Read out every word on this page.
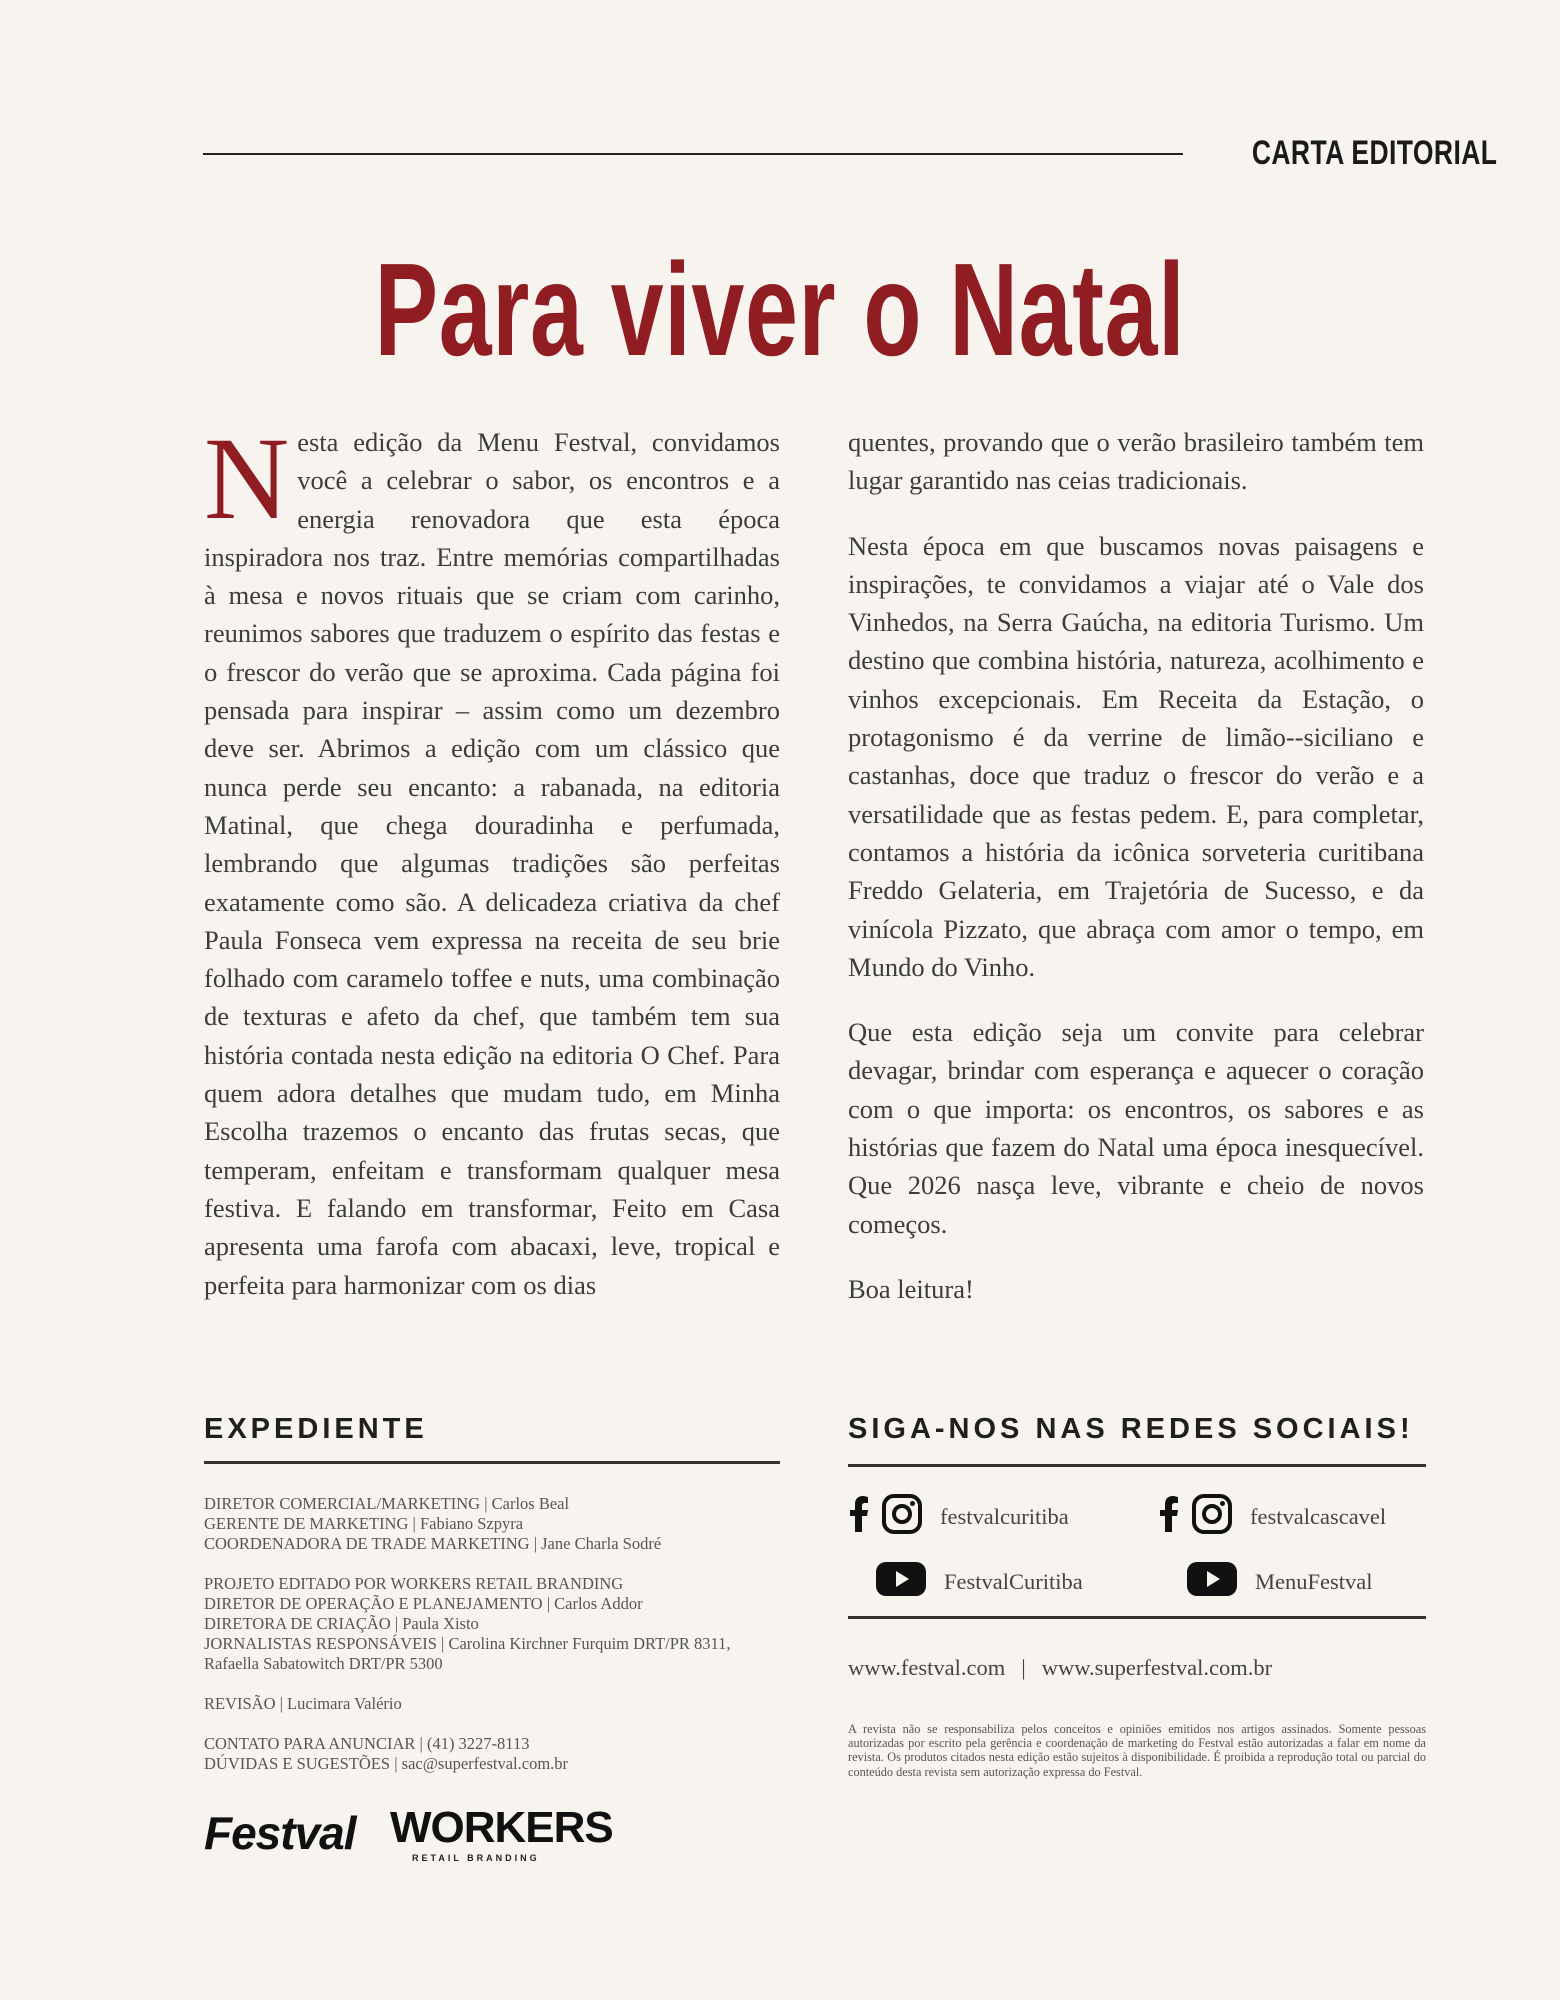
CARTA EDITORIAL
Para viver o Natal

Nesta edição da Menu Festval, convidamos você a celebrar o sabor, os encontros e a energia renovadora que esta época inspiradora nos traz. Entre memórias compartilhadas à mesa e novos rituais que se criam com carinho, reunimos sabores que traduzem o espírito das festas e o frescor do verão que se aproxima. Cada página foi pensada para inspirar – assim como um dezembro deve ser. Abrimos a edição com um clássico que nunca perde seu encanto: a rabanada, na editoria Matinal, que chega douradinha e perfumada, lembrando que algumas tradições são perfeitas exatamente como são. A delicadeza criativa da chef Paula Fonseca vem expressa na receita de seu brie folhado com caramelo toffee e nuts, uma combinação de texturas e afeto da chef, que também tem sua história contada nesta edição na editoria O Chef. Para quem adora detalhes que mudam tudo, em Minha Escolha trazemos o encanto das frutas secas, que temperam, enfeitam e transformam qualquer mesa festiva. E falando em transformar, Feito em Casa apresenta uma farofa com abacaxi, leve, tropical e perfeita para harmonizar com os dias

quentes, provando que o verão brasileiro também tem lugar garantido nas ceias tradicionais.

Nesta época em que buscamos novas paisagens e inspirações, te convidamos a viajar até o Vale dos Vinhedos, na Serra Gaúcha, na editoria Turismo. Um destino que combina história, natureza, acolhimento e vinhos excepcionais. Em Receita da Estação, o protagonismo é da verrine de limão--siciliano e castanhas, doce que traduz o frescor do verão e a versatilidade que as festas pedem. E, para completar, contamos a história da icônica sorveteria curitibana Freddo Gelateria, em Trajetória de Sucesso, e da vinícola Pizzato, que abraça com amor o tempo, em Mundo do Vinho.

Que esta edição seja um convite para celebrar devagar, brindar com esperança e aquecer o coração com o que importa: os encontros, os sabores e as histórias que fazem do Natal uma época inesquecível. Que 2026 nasça leve, vibrante e cheio de novos começos.

Boa leitura!

EXPEDIENTE
DIRETOR COMERCIAL/MARKETING | Carlos Beal
GERENTE DE MARKETING | Fabiano Szpyra
COORDENADORA DE TRADE MARKETING | Jane Charla Sodré
PROJETO EDITADO POR WORKERS RETAIL BRANDING
DIRETOR DE OPERAÇÃO E PLANEJAMENTO | Carlos Addor
DIRETORA DE CRIAÇÃO | Paula Xisto
JORNALISTAS RESPONSÁVEIS | Carolina Kirchner Furquim DRT/PR 8311,
Rafaella Sabatowitch DRT/PR 5300
REVISÃO | Lucimara Valério
CONTATO PARA ANUNCIAR | (41) 3227-8113
DÚVIDAS E SUGESTÕES | sac@superfestval.com.br
Festval WORKERS
RETAIL BRANDING
SIGA-NOS NAS REDES SOCIAIS!
festvalcuritiba	festvalcascavel
FestvalCuritiba	MenuFestval
www.festval.com | www.superfestval.com.br
A revista não se responsabiliza pelos conceitos e opiniões emitidos nos artigos assinados. Somente pessoas autorizadas por escrito pela gerência e coordenação de marketing do Festval estão autorizadas a falar em nome da revista. Os produtos citados nesta edição estão sujeitos à disponibilidade. É proibida a reprodução total ou parcial do conteúdo desta revista sem autorização expressa do Festval.
